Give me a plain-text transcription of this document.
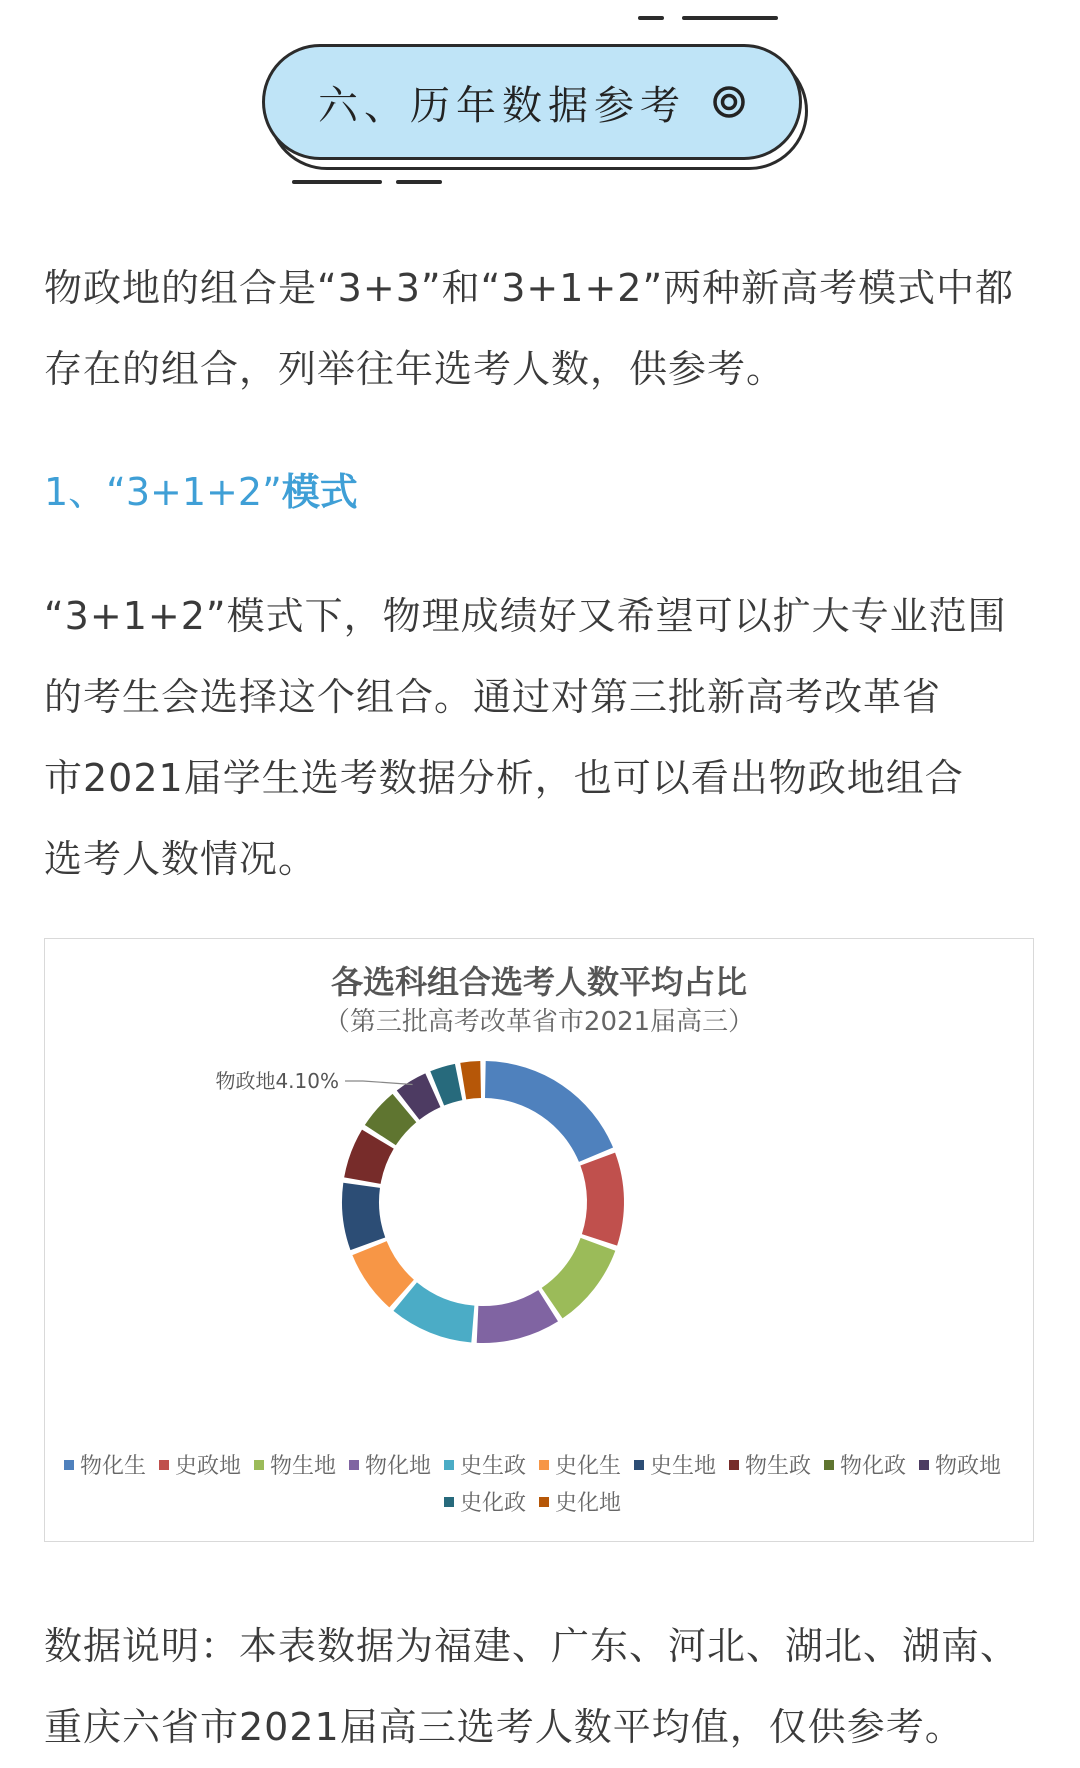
六、历年数据参考
物政地的组合是“3+3”和“3+1+2”两种新高考模式中都
存在的组合，列举往年选考人数，供参考。
1、“3+1+2”模式
“3+1+2”模式下，物理成绩好又希望可以扩大专业范围
的考生会选择这个组合。通过对第三批新高考改革省
市2021届学生选考数据分析，也可以看出物政地组合
选考人数情况。
各选科组合选考人数平均占比
（第三批高考改革省市2021届高三）
物政地4.10%
物化生 史政地 物生地 物化地 史生政 史化生 史生地 物生政 物化政 物政地
史化政 史化地
数据说明：本表数据为福建、广东、河北、湖北、湖南、
重庆六省市2021届高三选考人数平均值，仅供参考。
